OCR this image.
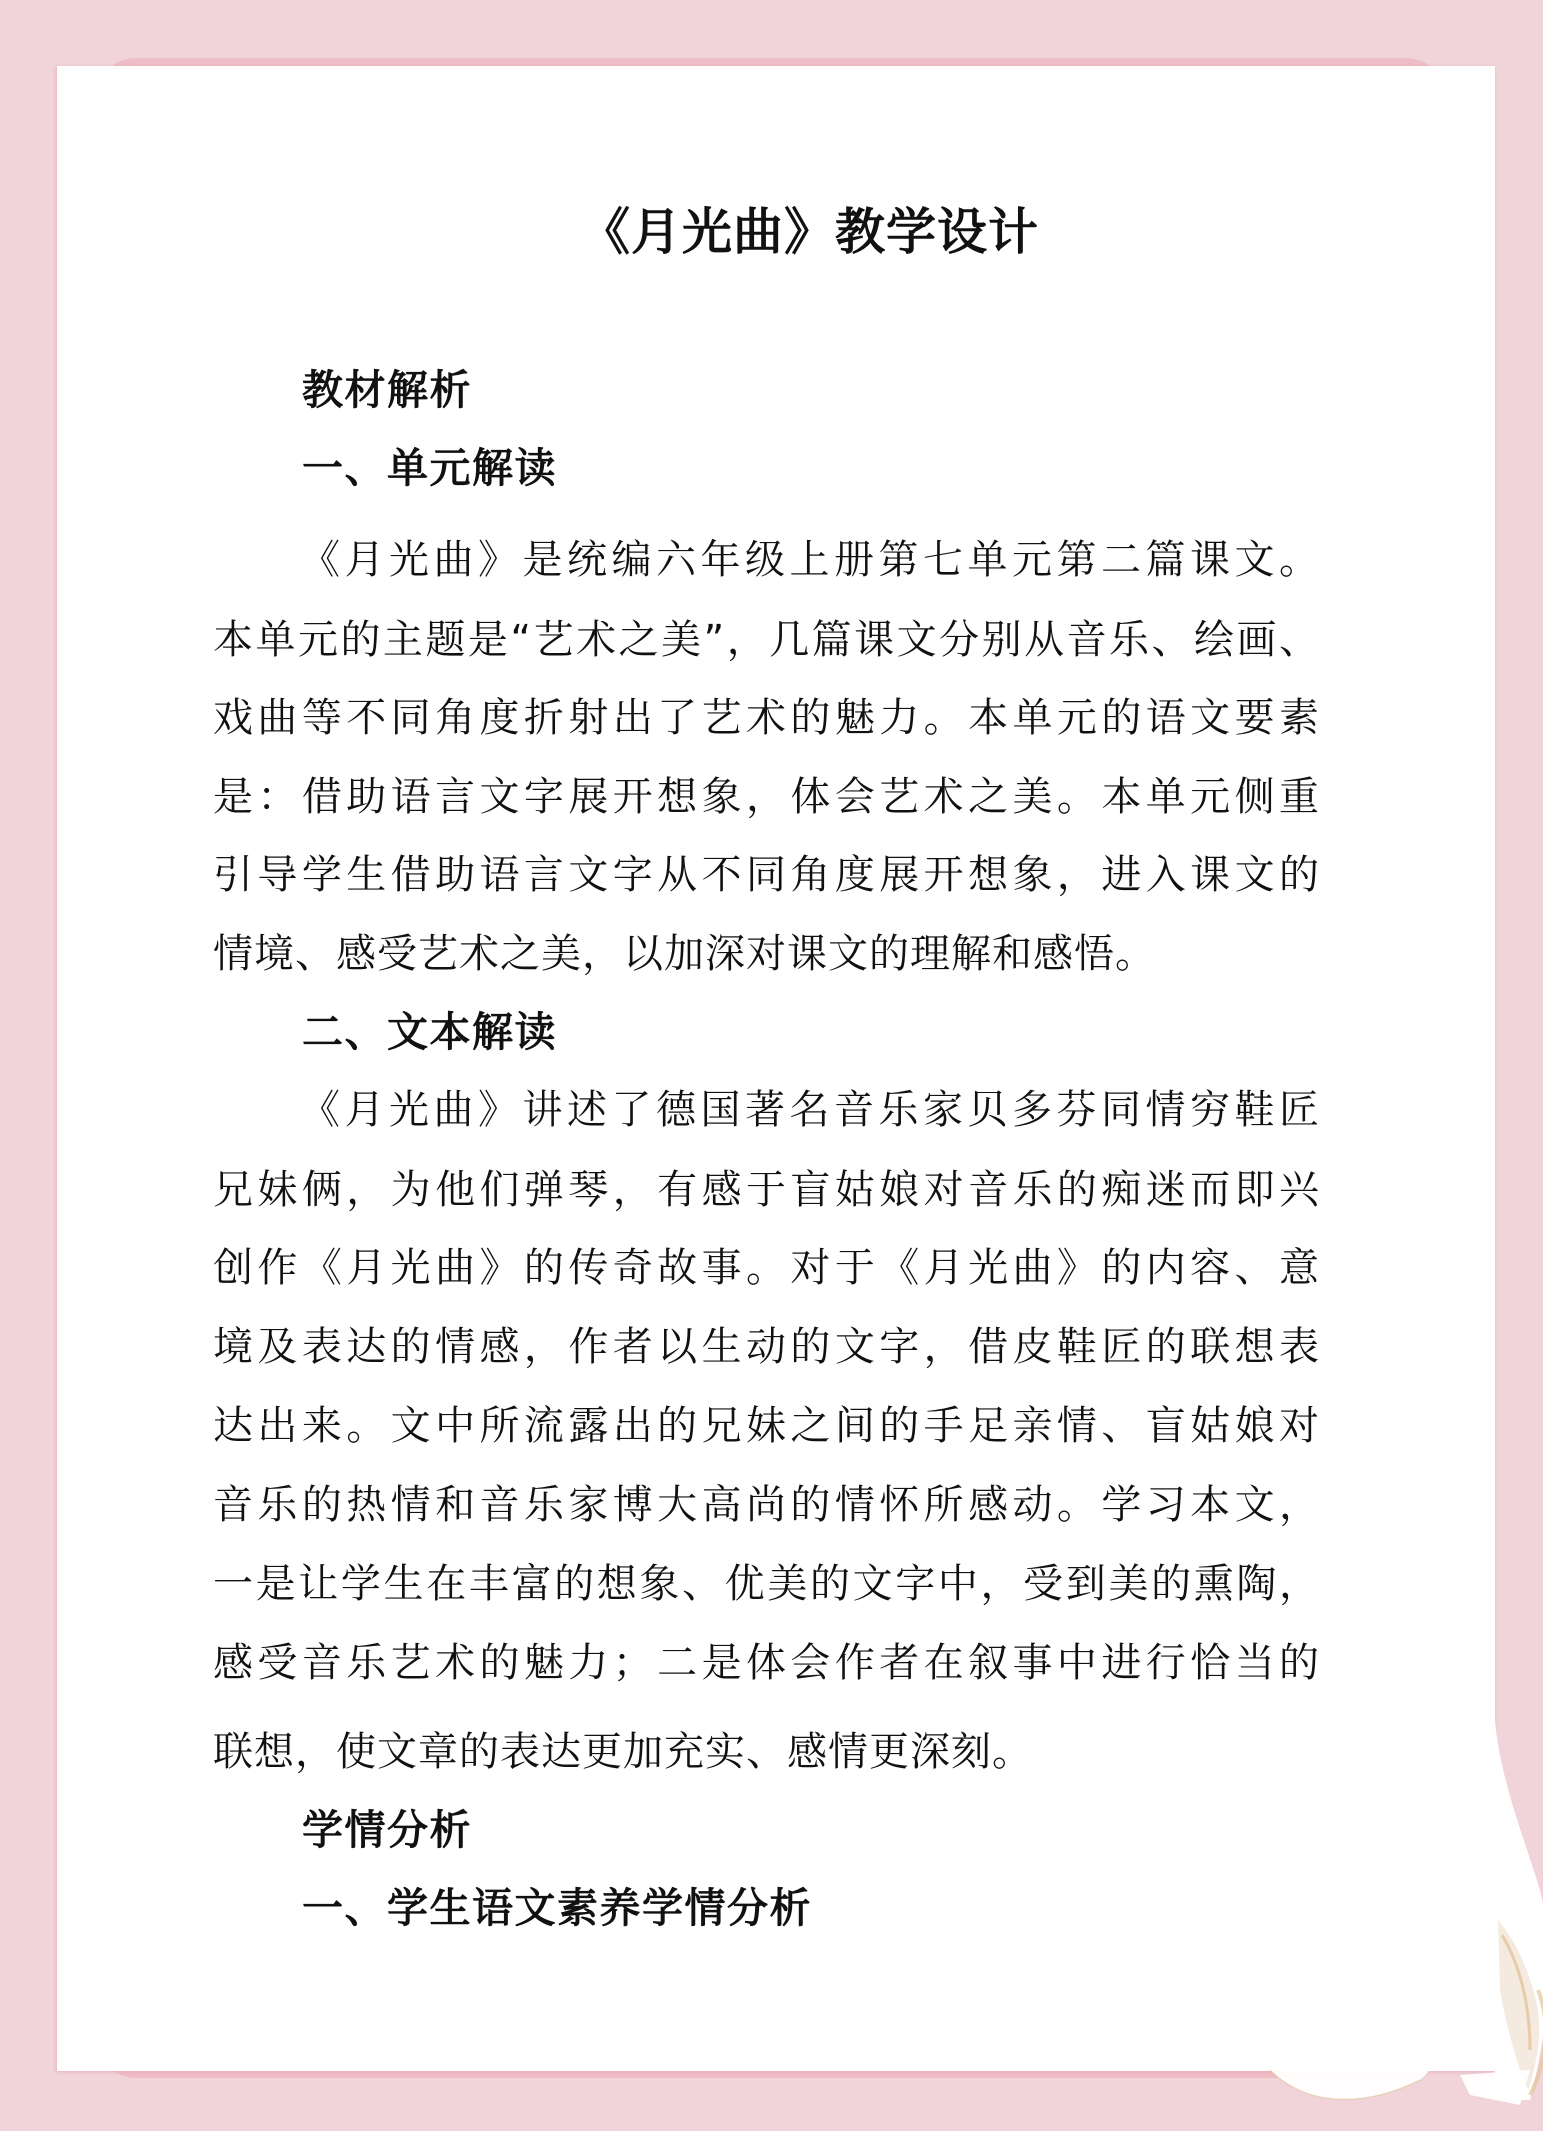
《月光曲》教学设计
教材解析
一、单元解读
《月光曲》是统编六年级上册第七单元第二篇课文。
本单元的主题是“艺术之美”，几篇课文分别从音乐、绘画、
戏曲等不同角度折射出了艺术的魅力。本单元的语文要素
是：借助语言文字展开想象，体会艺术之美。本单元侧重
引导学生借助语言文字从不同角度展开想象，进入课文的
情境、感受艺术之美，以加深对课文的理解和感悟。
二、文本解读
《月光曲》讲述了德国著名音乐家贝多芬同情穷鞋匠
兄妹俩，为他们弹琴，有感于盲姑娘对音乐的痴迷而即兴
创作《月光曲》的传奇故事。对于《月光曲》的内容、意
境及表达的情感，作者以生动的文字，借皮鞋匠的联想表
达出来。文中所流露出的兄妹之间的手足亲情、盲姑娘对
音乐的热情和音乐家博大高尚的情怀所感动。学习本文，
一是让学生在丰富的想象、优美的文字中，受到美的熏陶，
感受音乐艺术的魅力；二是体会作者在叙事中进行恰当的
联想，使文章的表达更加充实、感情更深刻。
学情分析
一、学生语文素养学情分析
